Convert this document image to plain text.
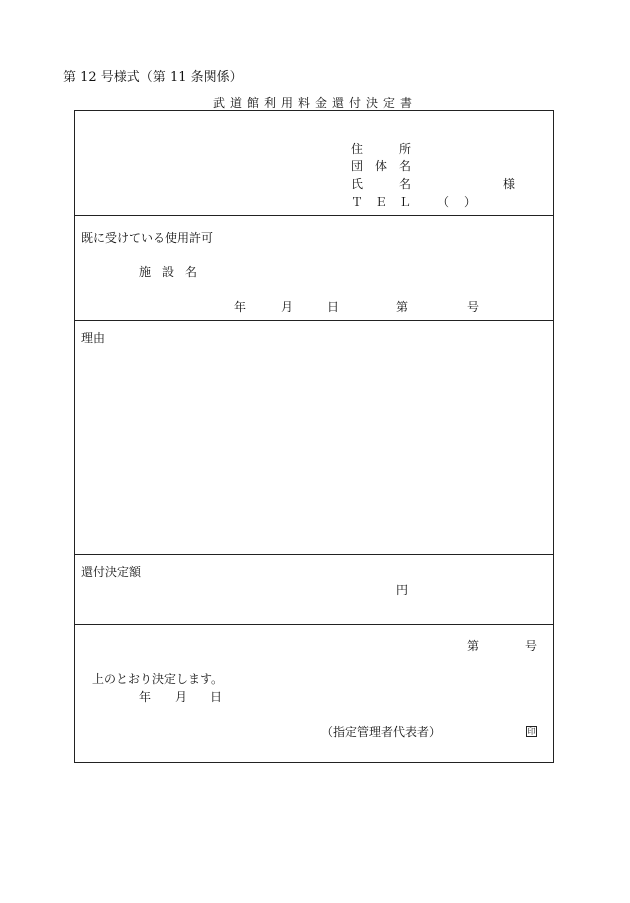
第 12 号様式（第 11 条関係）
武道館利用料金還付決定書
住	所
団 体 名
氏	名	様
Ｔ Ｅ Ｌ （ ）
既に受けている使用許可
施 設 名
年	月	日	第	号
理由
還付決定額
円
第	号
上のとおり決定します。
年 月 日
（指定管理者代表者）	印
